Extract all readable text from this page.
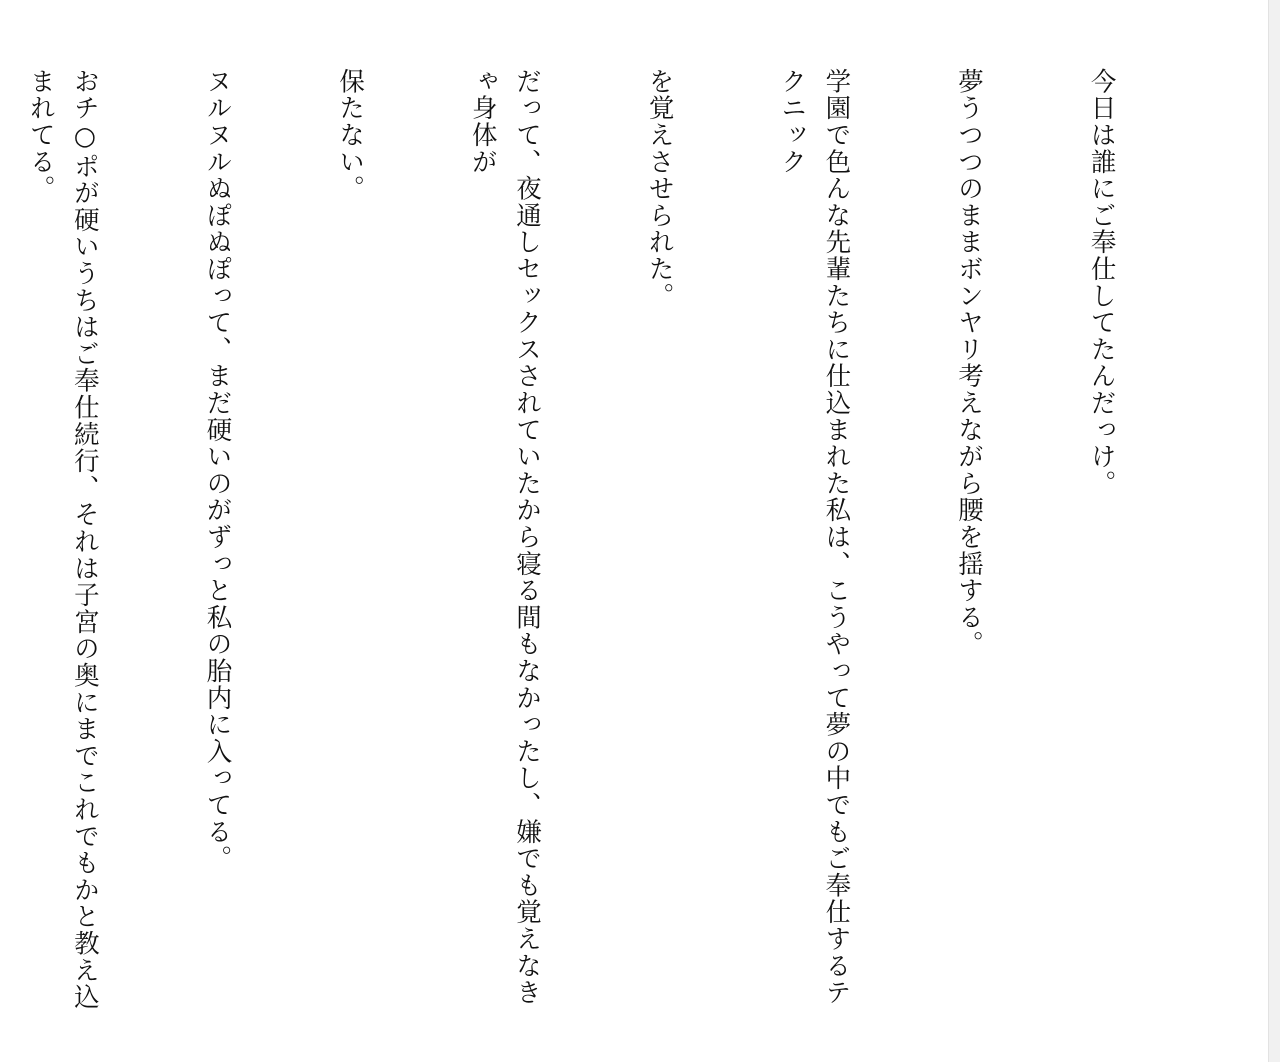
今日は誰にご奉仕してたんだっけ。

夢うつつのままボンヤリ考えながら腰を揺する。

学園で色んな先輩たちに仕込まれた私は、こうやって夢の中でもご奉仕するテクニック

を覚えさせられた。

だって、夜通しセックスされていたから寝る間もなかったし、嫌でも覚えなきゃ身体が

保たない。

ヌルヌルぬぽぬぽって、まだ硬いのがずっと私の胎内に入ってる。

おチ○ポが硬いうちはご奉仕続行、それは子宮の奥にまでこれでもかと教え込まれてる。
